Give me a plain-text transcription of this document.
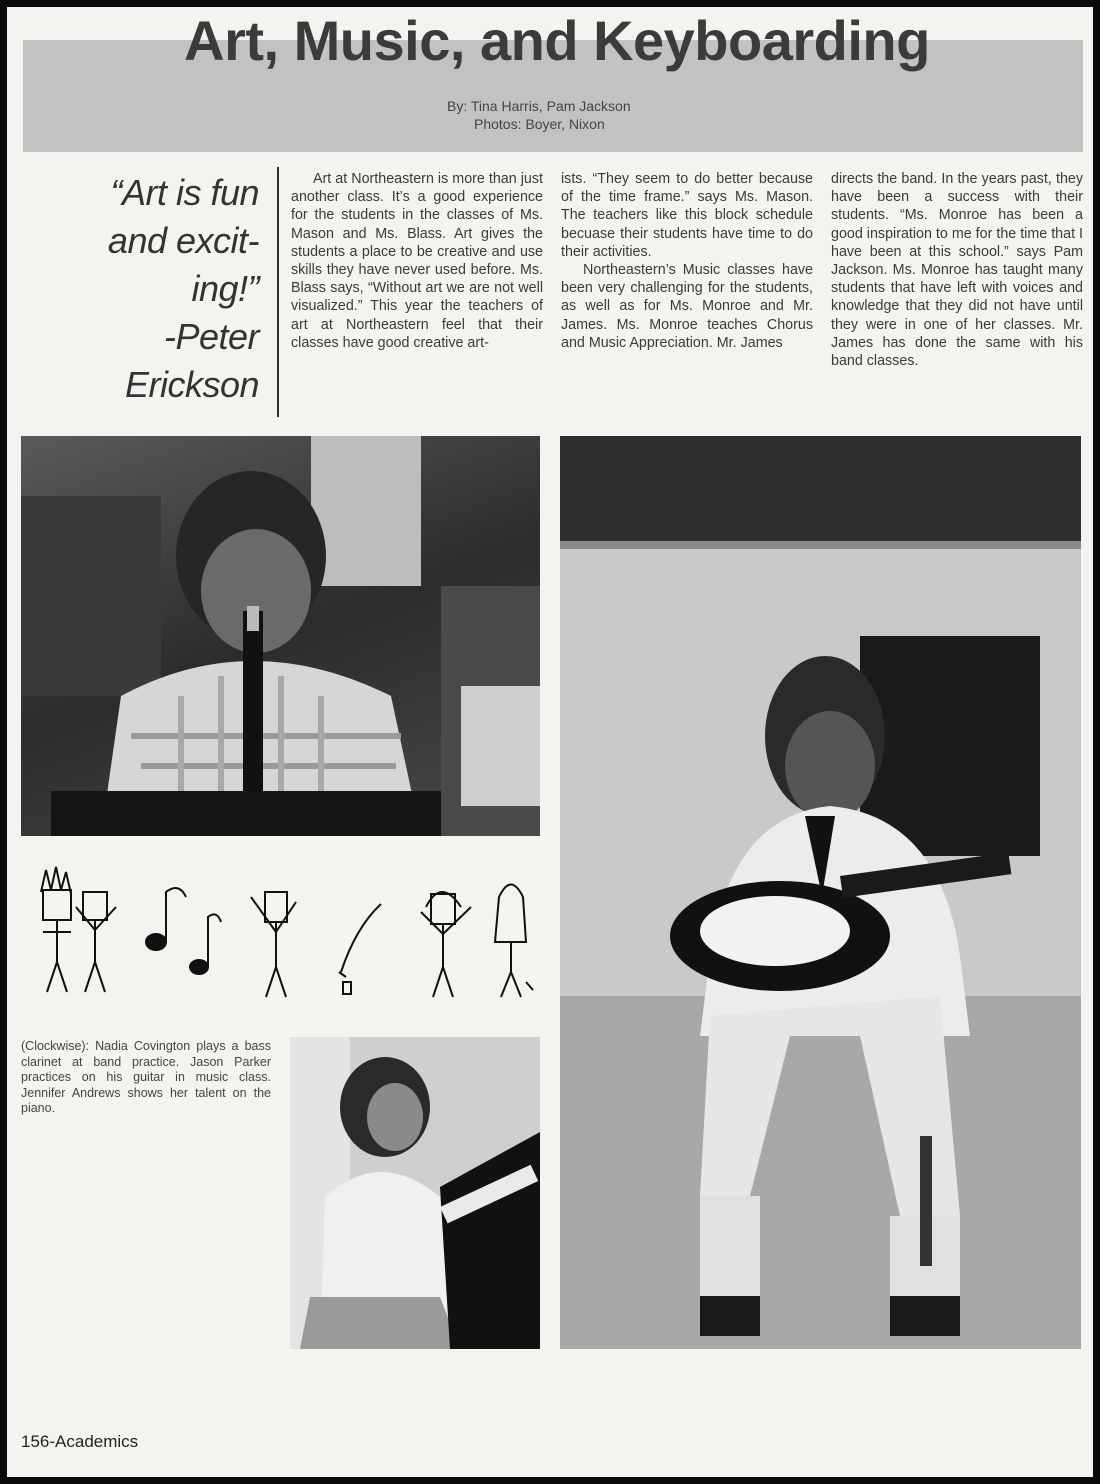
Art, Music, and Keyboarding
By: Tina Harris, Pam Jackson
Photos: Boyer, Nixon
“Art is fun
and excit-
ing!”
-Peter
Erickson

Art at Northeastern is more than just another class. It’s a good experience for the students in the classes of Ms. Mason and Ms. Blass. Art gives the students a place to be creative and use skills they have never used before. Ms. Blass says, “Without art we are not well visualized.” This year the teachers of art at Northeastern feel that their classes have good creative art-

ists. “They seem to do better because of the time frame.” says Ms. Mason. The teachers like this block schedule becuase their students have time to do their activities.

Northeastern’s Music classes have been very challenging for the students, as well as for Ms. Monroe and Mr. James. Ms. Monroe teaches Chorus and Music Appreciation. Mr. James

directs the band. In the years past, they have been a success with their students. “Ms. Monroe has been a good inspiration to me for the time that I have been at this school.” says Pam Jackson. Ms. Monroe has taught many students that have left with voices and knowledge that they did not have until they were in one of her classes. Mr. James has done the same with his band classes.

(Clockwise): Nadia Covington plays a bass clarinet at band practice. Jason Parker practices on his guitar in music class. Jennifer Andrews shows her talent on the piano.
156-Academics
